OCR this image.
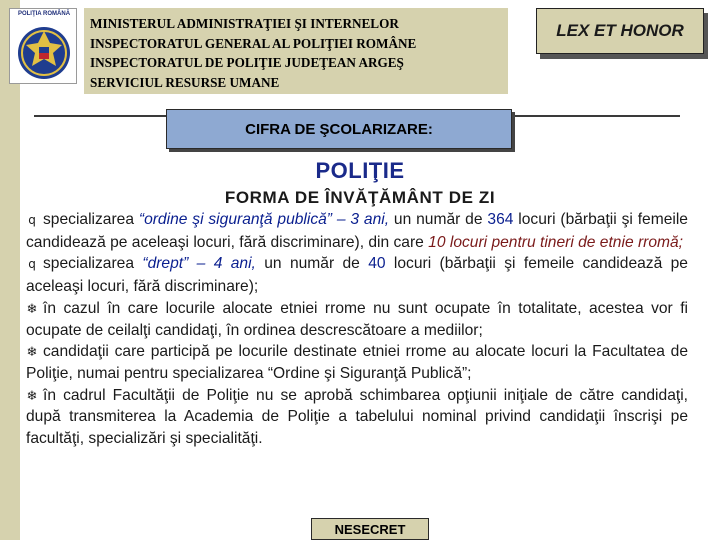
POLIŢIA ROMÂNĂ
MINISTERUL ADMINISTRAŢIEI ŞI INTERNELOR
INSPECTORATUL GENERAL AL POLIŢIEI ROMÂNE
INSPECTORATUL DE POLIŢIE JUDEŢEAN ARGEŞ
SERVICIUL RESURSE UMANE
LEX ET HONOR
CIFRA DE ŞCOLARIZARE:
POLIŢIE
FORMA DE ÎNVĂŢĂMÂNT DE ZI

q specializarea “ordine şi siguranţă publică” – 3 ani, un număr de 364 locuri (bărbaţii şi femeile candidează pe aceleaşi locuri, fără discriminare), din care 10 locuri pentru tineri de etnie rromă;

q specializarea “drept” – 4 ani, un număr de 40 locuri (bărbaţii şi femeile candidează pe aceleaşi locuri, fără discriminare);

❄ în cazul în care locurile alocate etniei rrome nu sunt ocupate în totalitate, acestea vor fi ocupate de ceilalţi candidaţi, în ordinea descrescătoare a mediilor;

❄ candidaţii care participă pe locurile destinate etniei rrome au alocate locuri la Facultatea de Poliţie, numai pentru specializarea “Ordine şi Siguranţă Publică”;

❄ în cadrul Facultăţii de Poliţie nu se aprobă schimbarea opţiunii iniţiale de către candidaţi, după transmiterea la Academia de Poliţie a tabelului nominal privind candidaţii înscrişi pe facultăţi, specializări şi specialităţi.

NESECRET
